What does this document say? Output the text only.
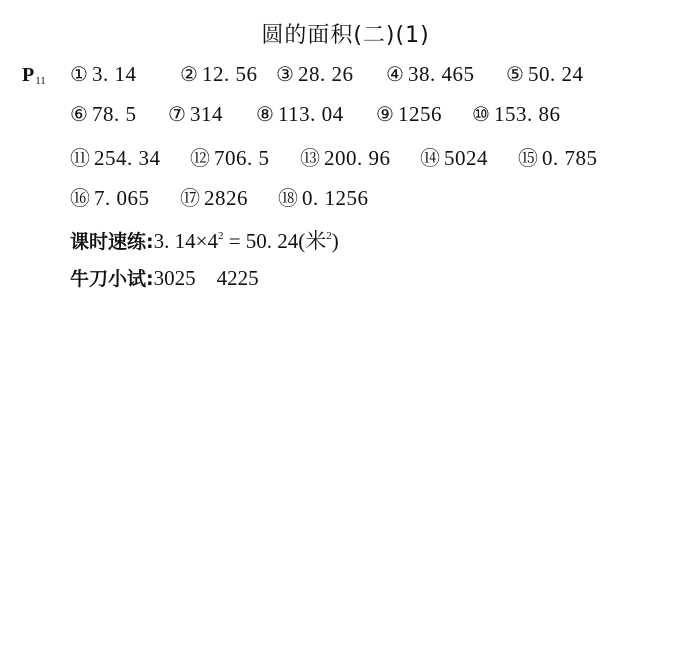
圆的面积(二)(1)
$P_{11}$ ① 3. 14 ② 12. 56 ③ 28. 26 ④ 38. 465 ⑤ 50. 24
⑥ 78. 5 ⑦ 314 ⑧ 113. 04 ⑨ 1256 ⑩ 153. 86
⑪ 254. 34 ⑫ 706. 5 ⑬ 200. 96 ⑭ 5024 ⑮ 0. 785
⑯ 7. 065 ⑰ 2826 ⑱ 0. 1256
课时速练:3. $14\times 4^2 = 50$. 24(米$^2$)
牛刀小试:3025    4225
